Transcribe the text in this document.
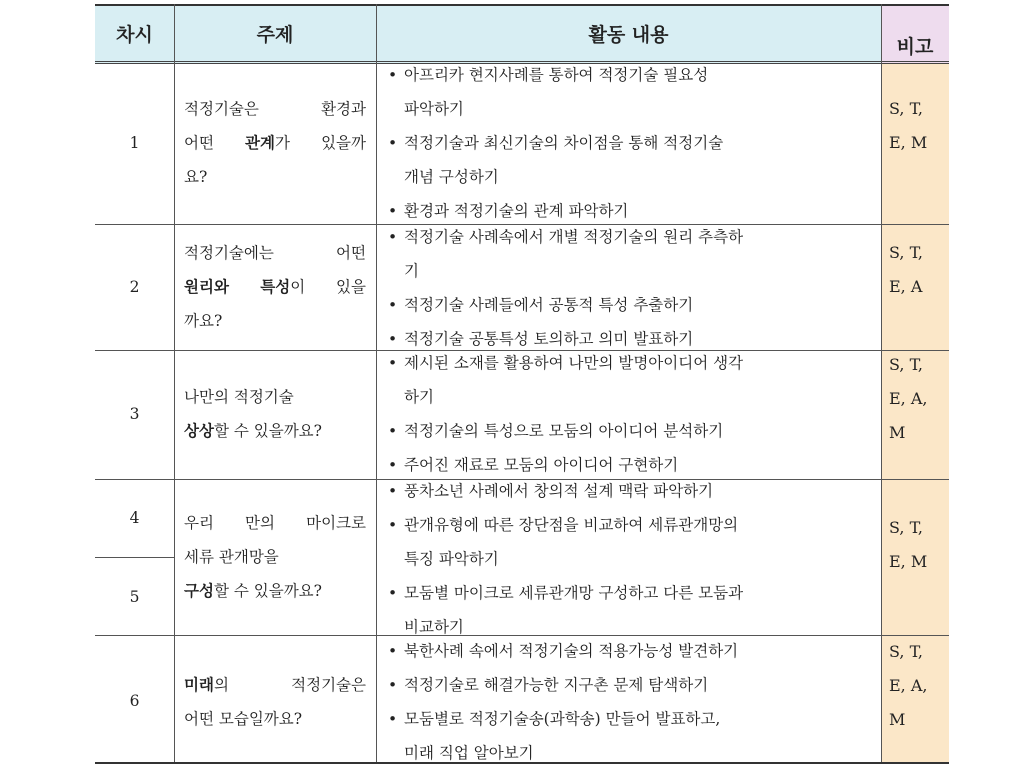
차시	주제	활동 내용
비고
1
적정기술은 환경과
어떤 관계가 있을까
요?
• 아프리카 현지사례를 통하여 적정기술 필요성
파악하기
• 적정기술과 최신기술의 차이점을 통해 적정기술
개념 구성하기
• 환경과 적정기술의 관계 파악하기
S, T,
E, M
2
적정기술에는 어떤
원리와 특성이 있을
까요?
• 적정기술 사례속에서 개별 적정기술의 원리 추측하
기
• 적정기술 사례들에서 공통적 특성 추출하기
• 적정기술 공통특성 토의하고 의미 발표하기
S, T,
E, A
3
나만의 적정기술
상상할 수 있을까요?
• 제시된 소재를 활용하여 나만의 발명아이디어 생각
하기
• 적정기술의 특성으로 모둠의 아이디어 분석하기
• 주어진 재료로 모둠의 아이디어 구현하기
S, T,
E, A,
M
4
5
우리 만의 마이크로
세류 관개망을
구성할 수 있을까요?
• 풍차소년 사례에서 창의적 설계 맥락 파악하기
• 관개유형에 따른 장단점을 비교하여 세류관개망의
특징 파악하기
• 모둠별 마이크로 세류관개망 구성하고 다른 모둠과
비교하기
S, T,
E, M
6
미래의 적정기술은
어떤 모습일까요?
• 북한사례 속에서 적정기술의 적용가능성 발견하기
• 적정기술로 해결가능한 지구촌 문제 탐색하기
• 모둠별로 적정기술송(과학송) 만들어 발표하고,
미래 직업 알아보기
S, T,
E, A,
M
